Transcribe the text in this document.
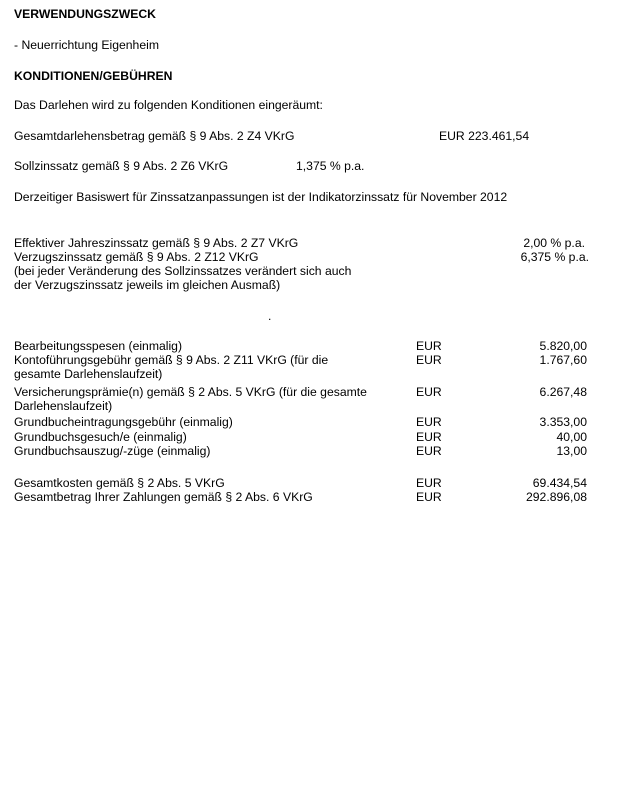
VERWENDUNGSZWECK
- Neuerrichtung Eigenheim
KONDITIONEN/GEBÜHREN
Das Darlehen wird zu folgenden Konditionen eingeräumt:
Gesamtdarlehensbetrag gemäß § 9 Abs. 2 Z4 VKrG	EUR 223.461,54
Sollzinssatz gemäß § 9 Abs. 2 Z6 VKrG	1,375 % p.a.
Derzeitiger Basiswert für Zinssatzanpassungen ist der Indikatorzinssatz für November 2012
Effektiver Jahreszinssatz gemäß § 9 Abs. 2 Z7 VKrG	2,00 % p.a.
Verzugszinssatz gemäß § 9 Abs. 2 Z12 VKrG	6,375 % p.a.
(bei jeder Veränderung des Sollzinssatzes verändert sich auch
der Verzugszinssatz jeweils im gleichen Ausmaß)
.
Bearbeitungsspesen (einmalig)	EUR	5.820,00
Kontoführungsgebühr gemäß § 9 Abs. 2 Z11 VKrG (für die
gesamte Darlehenslaufzeit)
EUR	1.767,60
Versicherungsprämie(n) gemäß § 2 Abs. 5 VKrG (für die gesamte
Darlehenslaufzeit)
EUR	6.267,48
Grundbucheintragungsgebühr (einmalig)	EUR	3.353,00
Grundbuchsgesuch/e (einmalig)	EUR	40,00
Grundbuchsauszug/-züge (einmalig)	EUR	13,00
Gesamtkosten gemäß § 2 Abs. 5 VKrG	EUR	69.434,54
Gesamtbetrag Ihrer Zahlungen gemäß § 2 Abs. 6 VKrG	EUR	292.896,08
